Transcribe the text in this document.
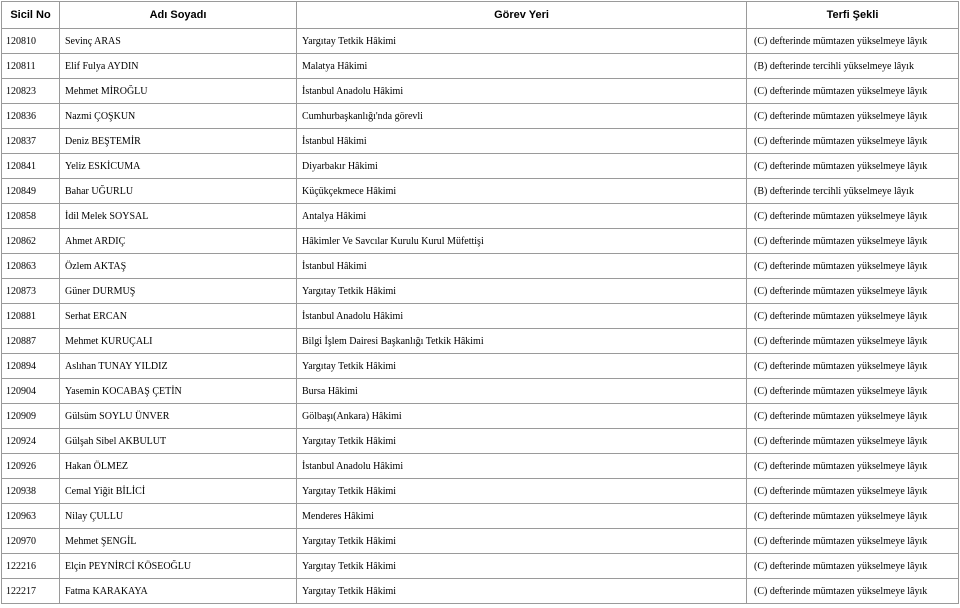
Sicil No	Adı Soyadı	Görev Yeri	Terfi Şekli
120810	Sevinç ARAS	Yargıtay Tetkik Hâkimi	(C) defterinde mümtazen yükselmeye lâyık
120811	Elif Fulya AYDIN	Malatya Hâkimi	(B) defterinde tercihli yükselmeye lâyık
120823	Mehmet MİROĞLU	İstanbul Anadolu Hâkimi	(C) defterinde mümtazen yükselmeye lâyık
120836	Nazmi ÇOŞKUN	Cumhurbaşkanlığı'nda görevli	(C) defterinde mümtazen yükselmeye lâyık
120837	Deniz BEŞTEMİR	İstanbul Hâkimi	(C) defterinde mümtazen yükselmeye lâyık
120841	Yeliz ESKİCUMA	Diyarbakır Hâkimi	(C) defterinde mümtazen yükselmeye lâyık
120849	Bahar UĞURLU	Küçükçekmece Hâkimi	(B) defterinde tercihli yükselmeye lâyık
120858	İdil Melek SOYSAL	Antalya Hâkimi	(C) defterinde mümtazen yükselmeye lâyık
120862	Ahmet ARDIÇ	Hâkimler Ve Savcılar Kurulu Kurul Müfettişi	(C) defterinde mümtazen yükselmeye lâyık
120863	Özlem AKTAŞ	İstanbul Hâkimi	(C) defterinde mümtazen yükselmeye lâyık
120873	Güner DURMUŞ	Yargıtay Tetkik Hâkimi	(C) defterinde mümtazen yükselmeye lâyık
120881	Serhat ERCAN	İstanbul Anadolu Hâkimi	(C) defterinde mümtazen yükselmeye lâyık
120887	Mehmet KURUÇALI	Bilgi İşlem Dairesi Başkanlığı Tetkik Hâkimi	(C) defterinde mümtazen yükselmeye lâyık
120894	Aslıhan TUNAY YILDIZ	Yargıtay Tetkik Hâkimi	(C) defterinde mümtazen yükselmeye lâyık
120904	Yasemin KOCABAŞ ÇETİN	Bursa Hâkimi	(C) defterinde mümtazen yükselmeye lâyık
120909	Gülsüm SOYLU ÜNVER	Gölbaşı(Ankara) Hâkimi	(C) defterinde mümtazen yükselmeye lâyık
120924	Gülşah Sibel AKBULUT	Yargıtay Tetkik Hâkimi	(C) defterinde mümtazen yükselmeye lâyık
120926	Hakan ÖLMEZ	İstanbul Anadolu Hâkimi	(C) defterinde mümtazen yükselmeye lâyık
120938	Cemal Yiğit BİLİCİ	Yargıtay Tetkik Hâkimi	(C) defterinde mümtazen yükselmeye lâyık
120963	Nilay ÇULLU	Menderes Hâkimi	(C) defterinde mümtazen yükselmeye lâyık
120970	Mehmet ŞENGİL	Yargıtay Tetkik Hâkimi	(C) defterinde mümtazen yükselmeye lâyık
122216	Elçin PEYNİRCİ KÖSEOĞLU	Yargıtay Tetkik Hâkimi	(C) defterinde mümtazen yükselmeye lâyık
122217	Fatma KARAKAYA	Yargıtay Tetkik Hâkimi	(C) defterinde mümtazen yükselmeye lâyık
